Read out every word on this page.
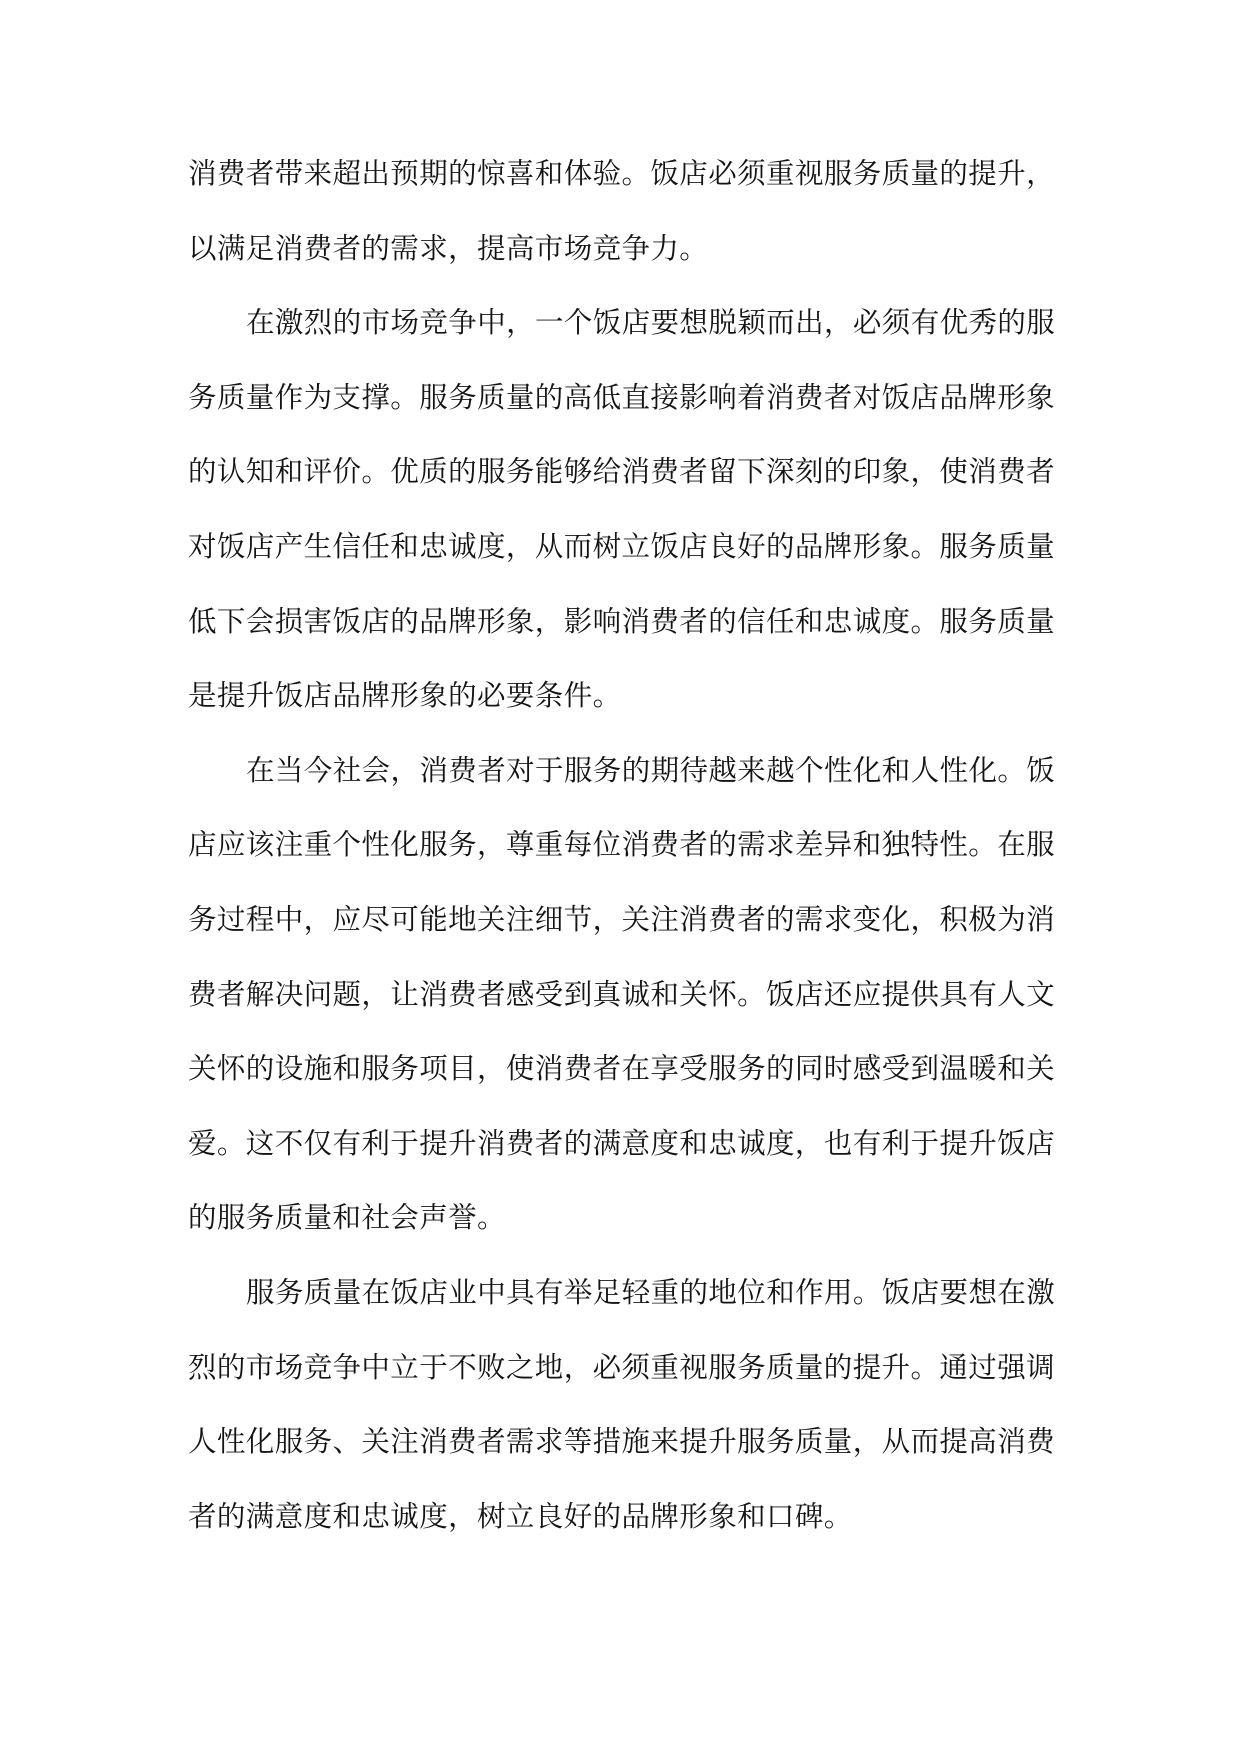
消费者带来超出预期的惊喜和体验。饭店必须重视服务质量的提升，
以满足消费者的需求，提高市场竞争力。
在激烈的市场竞争中，一个饭店要想脱颖而出，必须有优秀的服
务质量作为支撑。服务质量的高低直接影响着消费者对饭店品牌形象
的认知和评价。优质的服务能够给消费者留下深刻的印象，使消费者
对饭店产生信任和忠诚度，从而树立饭店良好的品牌形象。服务质量
低下会损害饭店的品牌形象，影响消费者的信任和忠诚度。服务质量
是提升饭店品牌形象的必要条件。
在当今社会，消费者对于服务的期待越来越个性化和人性化。饭
店应该注重个性化服务，尊重每位消费者的需求差异和独特性。在服
务过程中，应尽可能地关注细节，关注消费者的需求变化，积极为消
费者解决问题，让消费者感受到真诚和关怀。饭店还应提供具有人文
关怀的设施和服务项目，使消费者在享受服务的同时感受到温暖和关
爱。这不仅有利于提升消费者的满意度和忠诚度，也有利于提升饭店
的服务质量和社会声誉。
服务质量在饭店业中具有举足轻重的地位和作用。饭店要想在激
烈的市场竞争中立于不败之地，必须重视服务质量的提升。通过强调
人性化服务、关注消费者需求等措施来提升服务质量，从而提高消费
者的满意度和忠诚度，树立良好的品牌形象和口碑。
